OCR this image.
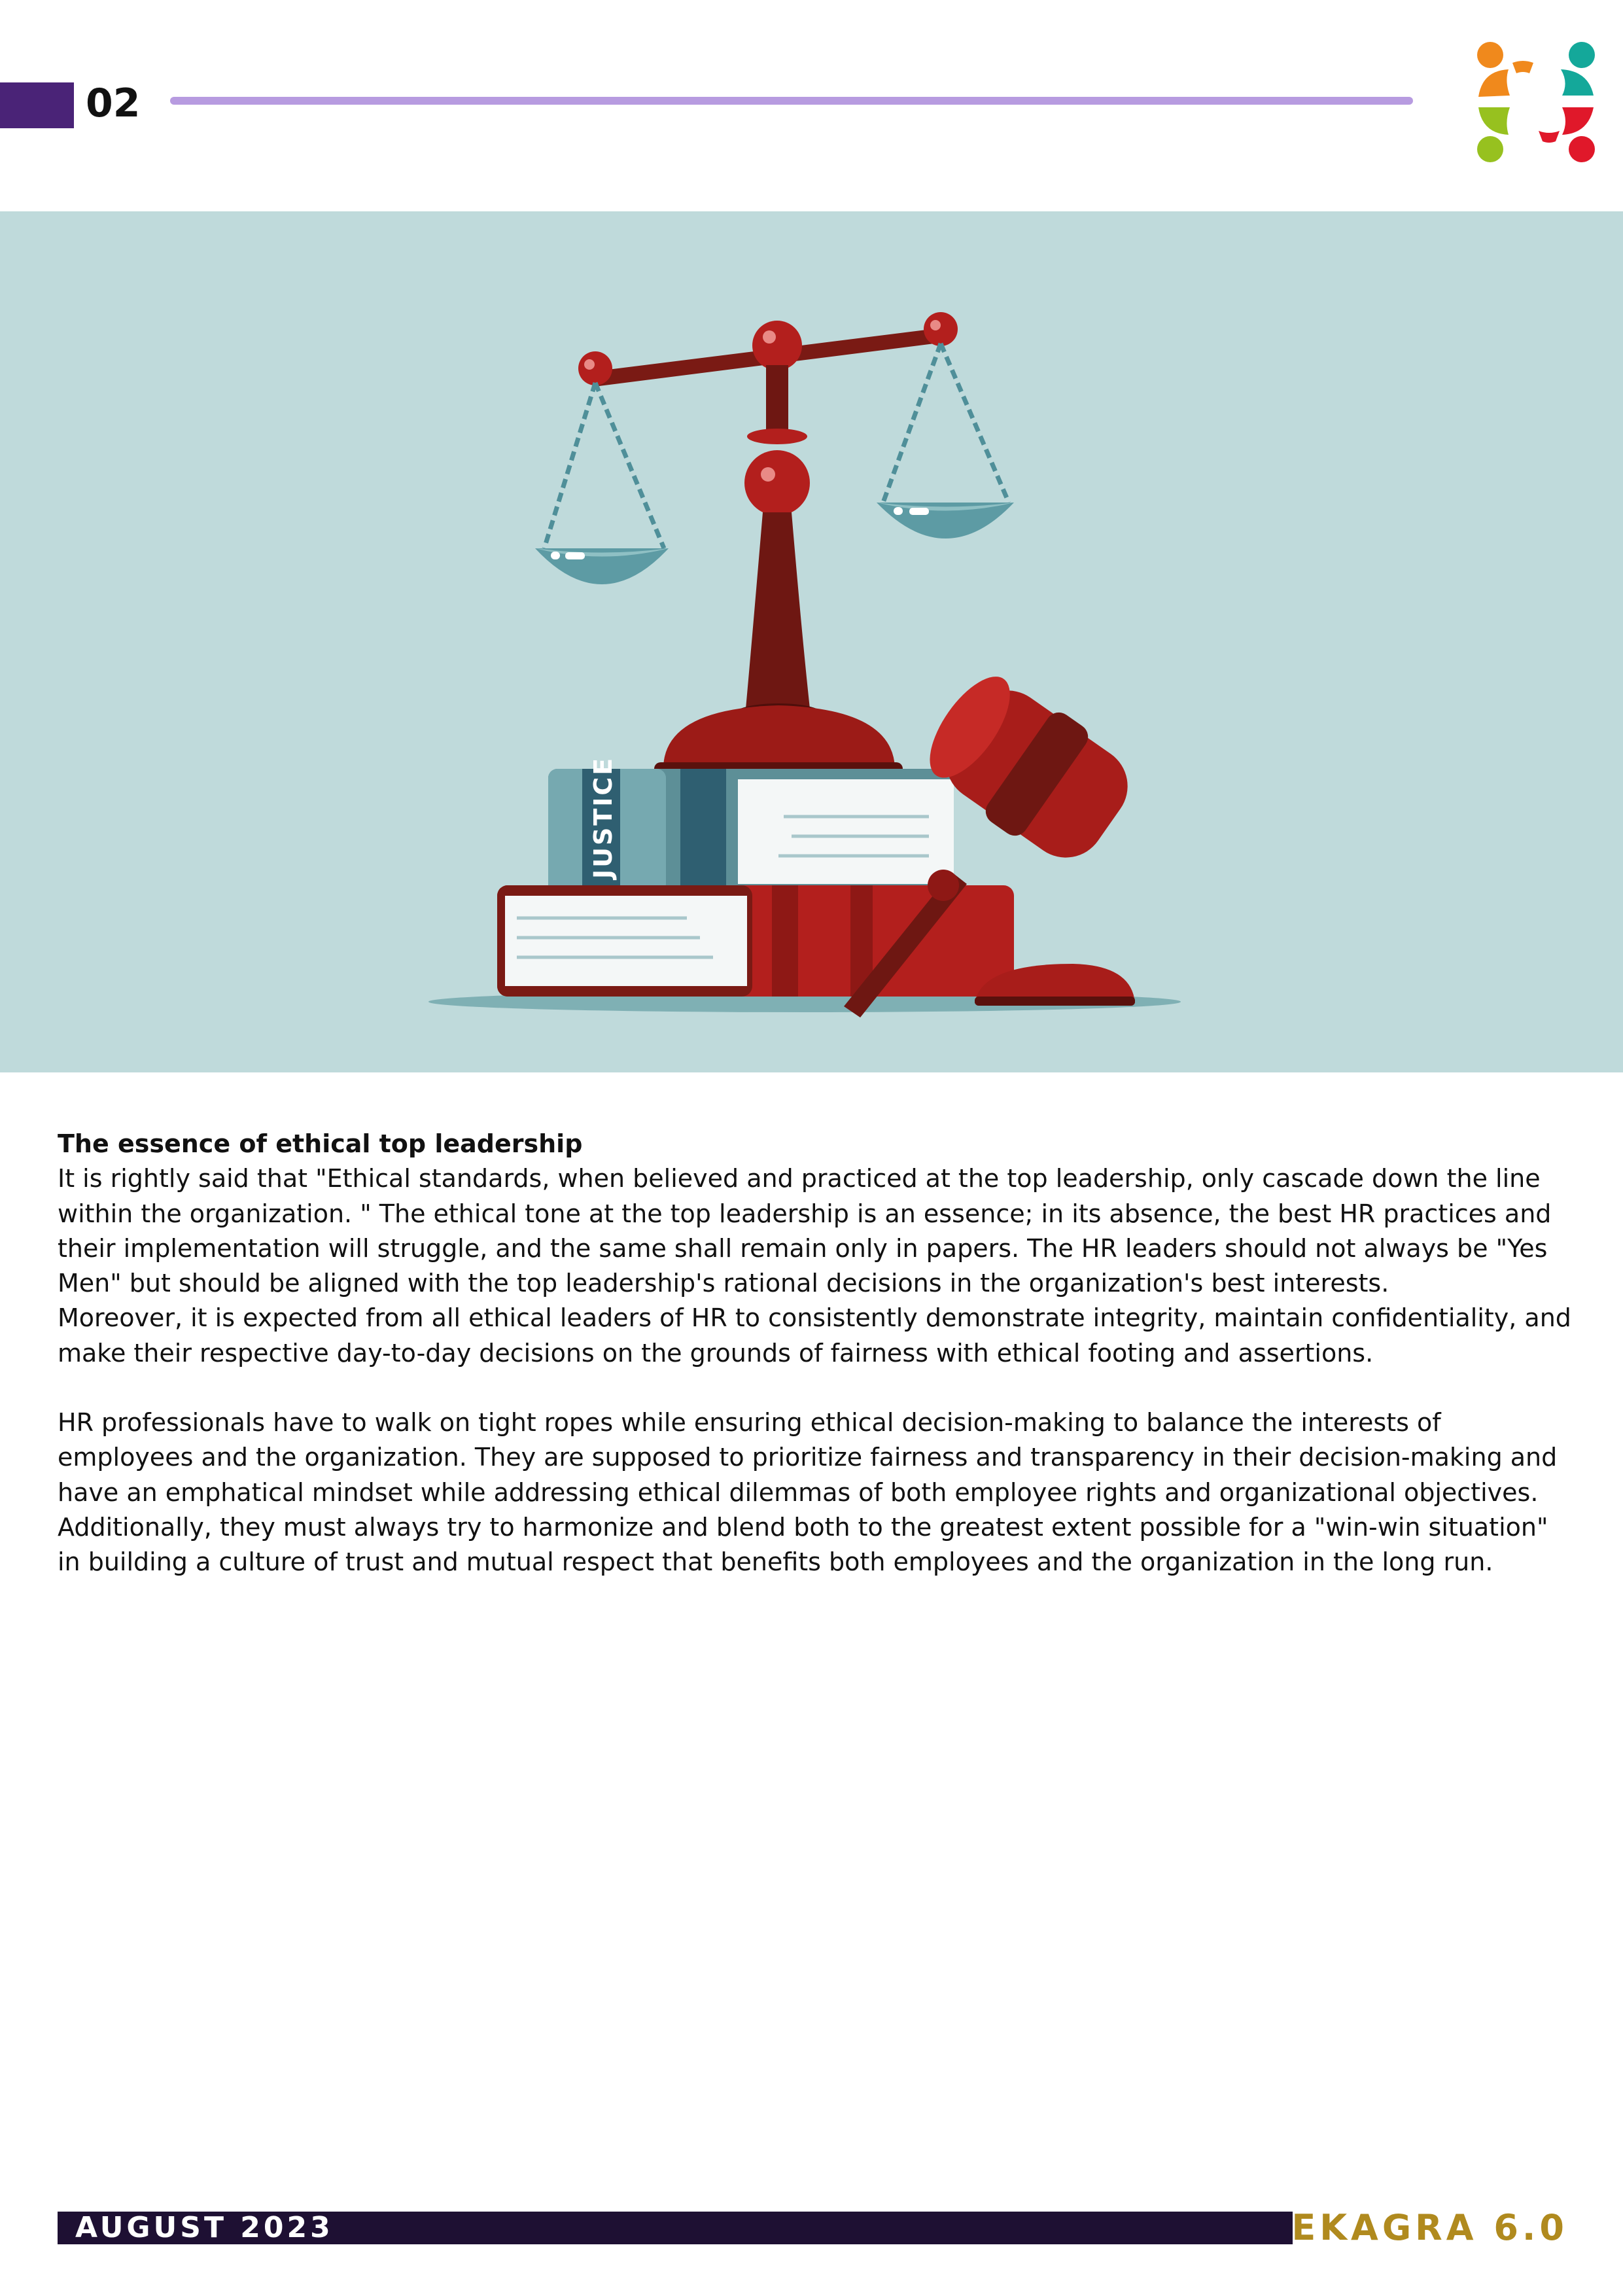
02
JUSTICE
The essence of ethical top leadership

It is rightly said that "Ethical standards, when believed and practiced at the top leadership, only cascade down the line within the organization. " The ethical tone at the top leadership is an essence; in its absence, the best HR practices and their implementation will struggle, and the same shall remain only in papers. The HR leaders should not always be "Yes Men" but should be aligned with the top leadership's rational decisions in the organization's best interests.

Moreover, it is expected from all ethical leaders of HR to consistently demonstrate integrity, maintain confidentiality, and make their respective day-to-day decisions on the grounds of fairness with ethical footing and assertions.

HR professionals have to walk on tight ropes while ensuring ethical decision-making to balance the interests of employees and the organization. They are supposed to prioritize fairness and transparency in their decision-making and have an emphatical mindset while addressing ethical dilemmas of both employee rights and organizational objectives. Additionally, they must always try to harmonize and blend both to the greatest extent possible for a "win-win situation" in building a culture of trust and mutual respect that benefits both employees and the organization in the long run.

AUGUST 2023	EKAGRA 6.0
